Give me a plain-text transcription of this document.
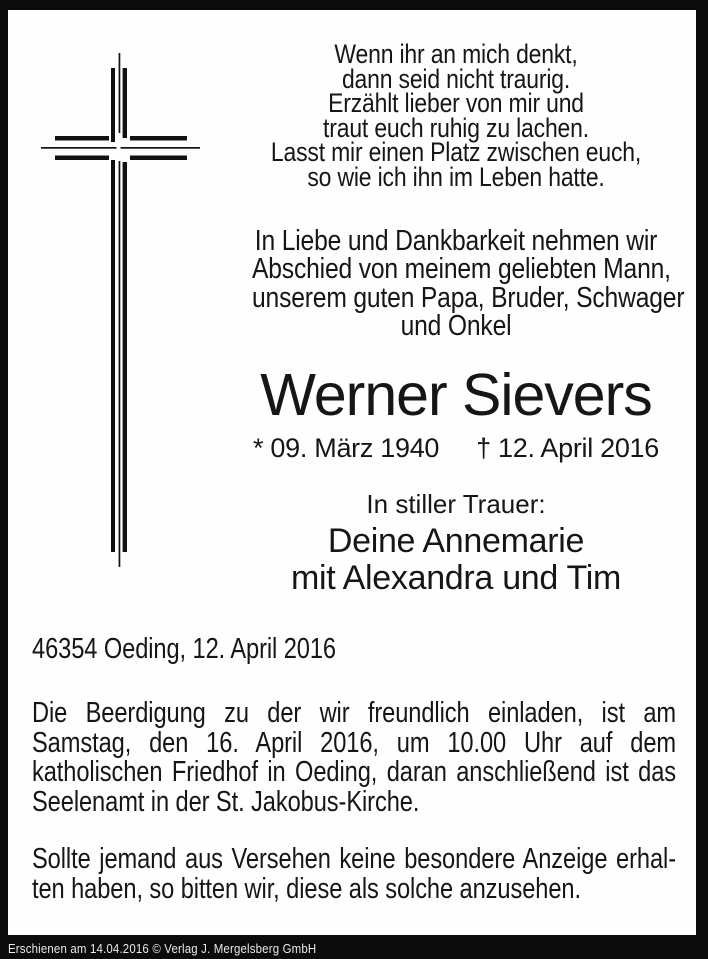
Wenn ihr an mich denkt,
dann seid nicht traurig.
Erzählt lieber von mir und
traut euch ruhig zu lachen.
Lasst mir einen Platz zwischen euch,
so wie ich ihn im Leben hatte.
In Liebe und Dankbarkeit nehmen wir
Abschied von meinem geliebten Mann,
unserem guten Papa, Bruder, Schwager
und Onkel
Werner Sievers
* 09. März 1940 † 12. April 2016
In stiller Trauer:
Deine Annemarie
mit Alexandra und Tim
46354 Oeding, 12. April 2016
Die Beerdigung zu der wir freundlich einladen, ist am
Samstag, den 16. April 2016, um 10.00 Uhr auf dem
katholischen Friedhof in Oeding, daran anschließend ist das
Seelenamt in der St. Jakobus-Kirche.
Sollte jemand aus Versehen keine besondere Anzeige erhal-
ten haben, so bitten wir, diese als solche anzusehen.
Erschienen am 14.04.2016 © Verlag J. Mergelsberg GmbH
